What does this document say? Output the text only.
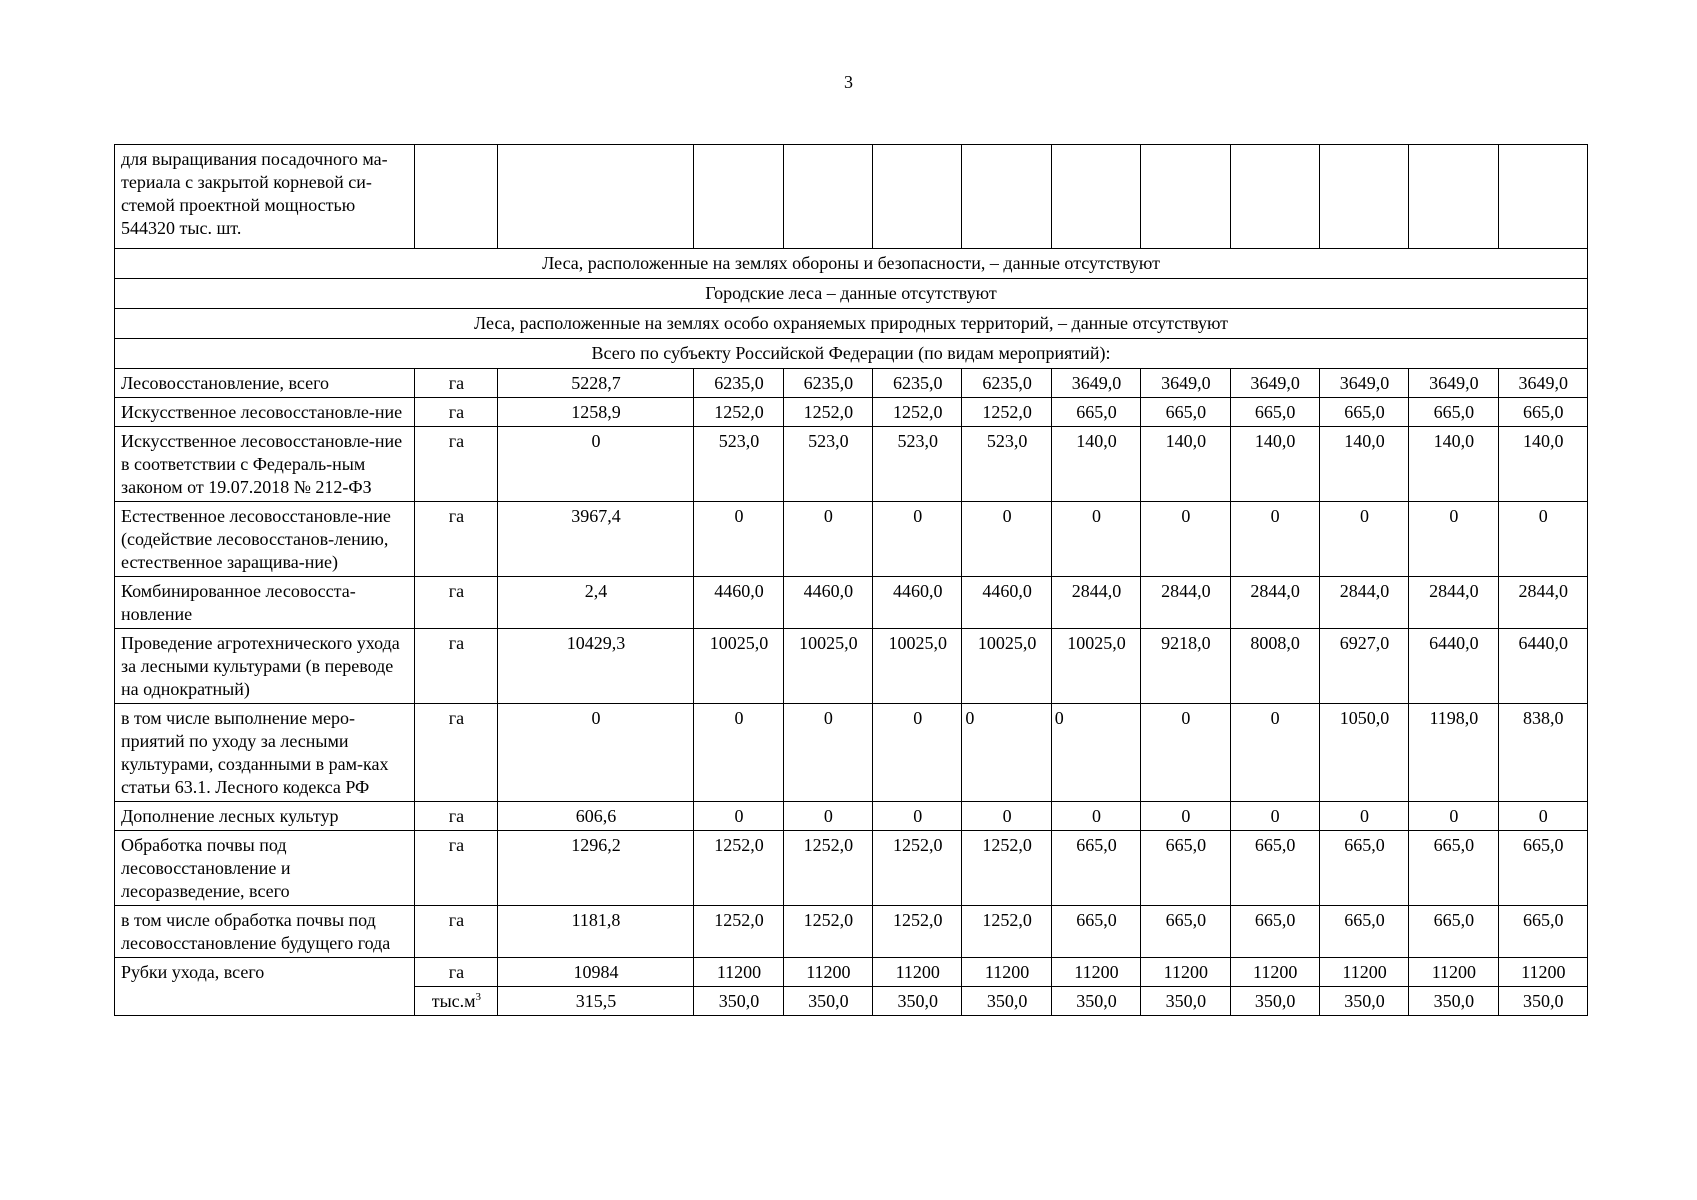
3
для выращивания посадочного ма-териала с закрытой корневой си-стемой проектной мощностью 544320 тыс. шт.												
Леса, расположенные на землях обороны и безопасности, – данные отсутствуют												
Городские леса – данные отсутствуют												
Леса, расположенные на землях особо охраняемых природных территорий, – данные отсутствуют												
Всего по субъекту Российской Федерации (по видам мероприятий):												
Лесовосстановление, всего	га	5228,7	6235,0	6235,0	6235,0	6235,0	3649,0	3649,0	3649,0	3649,0	3649,0	3649,0
Искусственное лесовосстановле-ние	га	1258,9	1252,0	1252,0	1252,0	1252,0	665,0	665,0	665,0	665,0	665,0	665,0
Искусственное лесовосстановле-ние в соответствии с Федераль-ным законом от 19.07.2018 № 212-ФЗ	га	0	523,0	523,0	523,0	523,0	140,0	140,0	140,0	140,0	140,0	140,0
Естественное лесовосстановле-ние (содействие лесовосстанов-лению, естественное заращива-ние)	га	3967,4	0	0	0	0	0	0	0	0	0	0
Комбинированное лесовосста-новление	га	2,4	4460,0	4460,0	4460,0	4460,0	2844,0	2844,0	2844,0	2844,0	2844,0	2844,0
Проведение агротехнического ухода за лесными культурами (в переводе на однократный)	га	10429,3	10025,0	10025,0	10025,0	10025,0	10025,0	9218,0	8008,0	6927,0	6440,0	6440,0
в том числе выполнение меро-приятий по уходу за лесными культурами, созданными в рам-ках статьи 63.1. Лесного кодекса РФ	га	0	0	0	0	0	0	0	0	1050,0	1198,0	838,0
Дополнение лесных культур	га	606,6	0	0	0	0	0	0	0	0	0	0
Обработка почвы под лесовосстановление и лесоразведение, всего	га	1296,2	1252,0	1252,0	1252,0	1252,0	665,0	665,0	665,0	665,0	665,0	665,0
в том числе обработка почвы под лесовосстановление будущего года	га	1181,8	1252,0	1252,0	1252,0	1252,0	665,0	665,0	665,0	665,0	665,0	665,0
Рубки ухода, всего	га	10984	11200	11200	11200	11200	11200	11200	11200	11200	11200	11200
	$тыс.м^3$	315,5	350,0	350,0	350,0	350,0	350,0	350,0	350,0	350,0	350,0	350,0
